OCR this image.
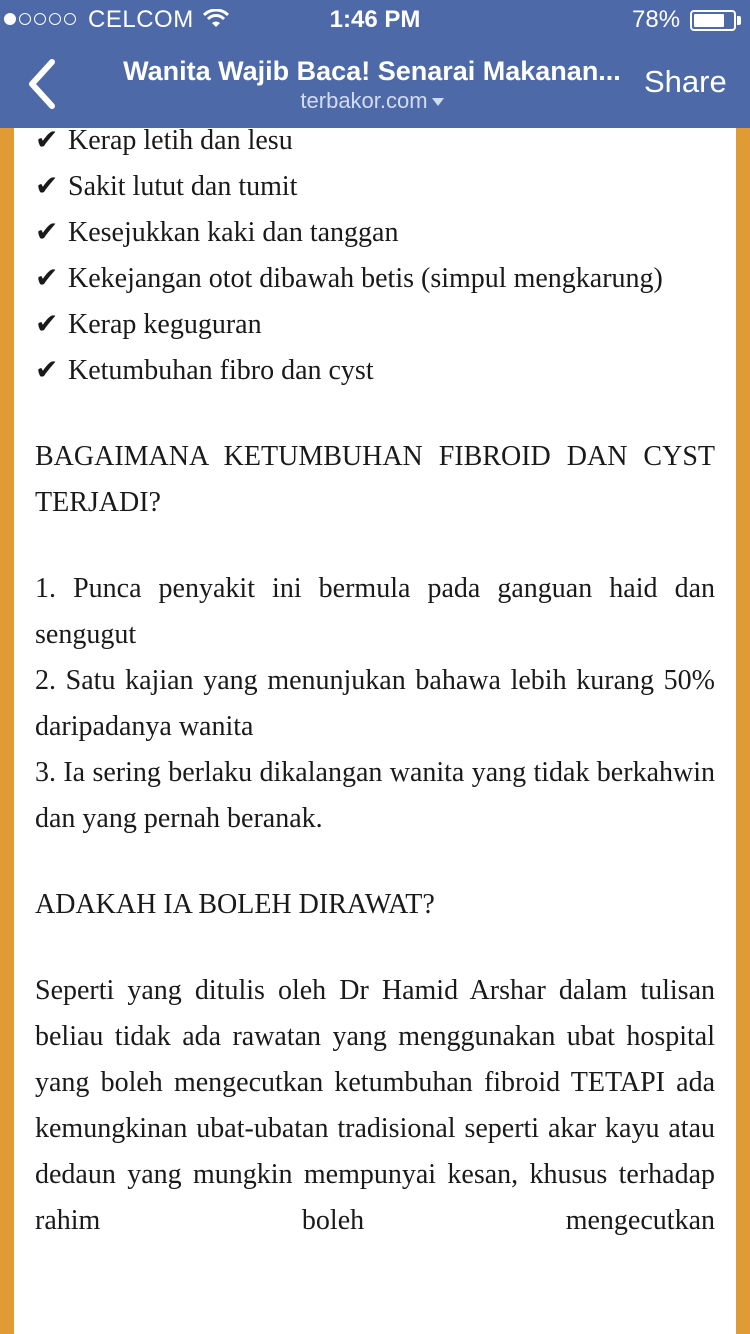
CELCOM	1:46 PM	78%
Wanita Wajib Baca! Senarai Makanan...
terbakor.com
Share

✔ Kerap letih dan lesu

✔ Sakit lutut dan tumit

✔ Kesejukkan kaki dan tanggan

✔ Kekejangan otot dibawah betis (simpul mengkarung)

✔ Kerap keguguran

✔ Ketumbuhan fibro dan cyst

BAGAIMANA KETUMBUHAN FIBROID DAN CYST TERJADI?

1. Punca penyakit ini bermula pada ganguan haid dan sengugut

2. Satu kajian yang menunjukan bahawa lebih kurang 50% daripadanya wanita

3. Ia sering berlaku dikalangan wanita yang tidak berkahwin dan yang pernah beranak.

ADAKAH IA BOLEH DIRAWAT?

Seperti yang ditulis oleh Dr Hamid Arshar dalam tulisan beliau tidak ada rawatan yang menggunakan ubat hospital yang boleh mengecutkan ketumbuhan fibroid TETAPI ada kemungkinan ubat-ubatan tradisional seperti akar kayu atau dedaun yang mungkin mempunyai kesan, khusus terhadap rahim boleh mengecutkan
